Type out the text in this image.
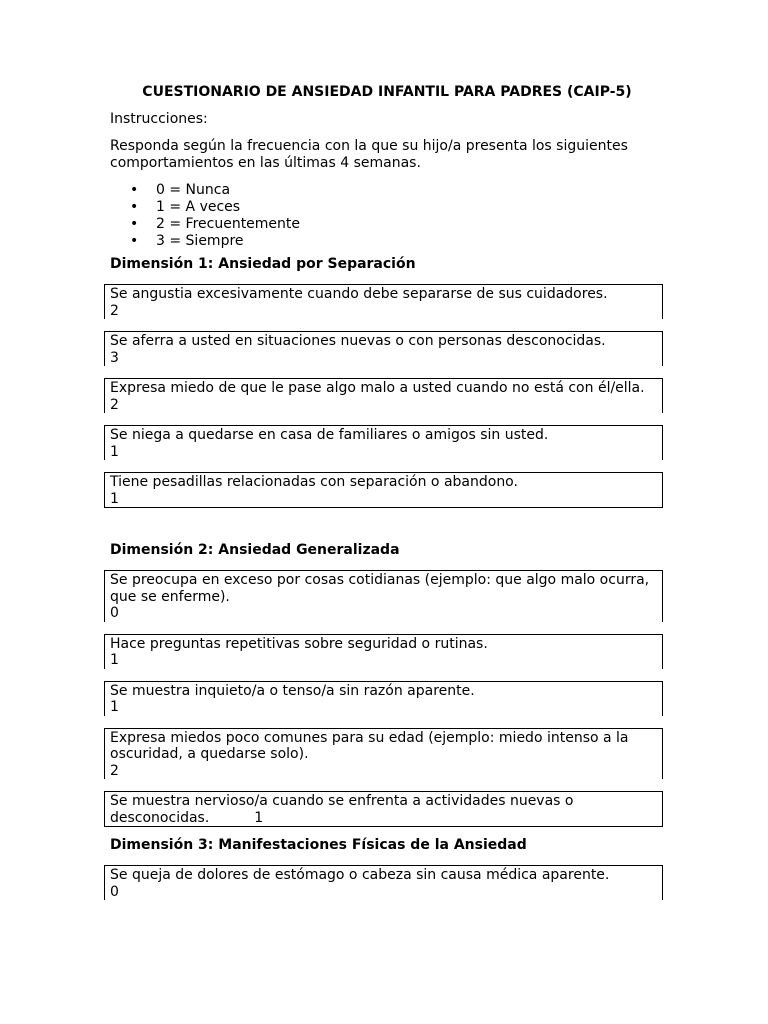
CUESTIONARIO DE ANSIEDAD INFANTIL PARA PADRES (CAIP-5)
Instrucciones:
Responda según la frecuencia con la que su hijo/a presenta los siguientes comportamientos en las últimas 4 semanas.
• 0 = Nunca
• 1 = A veces
• 2 = Frecuentemente
• 3 = Siempre
Dimensión 1: Ansiedad por Separación
Se angustia excesivamente cuando debe separarse de sus cuidadores.
2
Se aferra a usted en situaciones nuevas o con personas desconocidas.
3
Expresa miedo de que le pase algo malo a usted cuando no está con él/ella.
2
Se niega a quedarse en casa de familiares o amigos sin usted.
1
Tiene pesadillas relacionadas con separación o abandono.
1
Dimensión 2: Ansiedad Generalizada
Se preocupa en exceso por cosas cotidianas (ejemplo: que algo malo ocurra, que se enferme).
0
Hace preguntas repetitivas sobre seguridad o rutinas.
1
Se muestra inquieto/a o tenso/a sin razón aparente.
1
Expresa miedos poco comunes para su edad (ejemplo: miedo intenso a la oscuridad, a quedarse solo).
2
Se muestra nervioso/a cuando se enfrenta a actividades nuevas o desconocidas.	1
Dimensión 3: Manifestaciones Físicas de la Ansiedad
Se queja de dolores de estómago o cabeza sin causa médica aparente.
0
